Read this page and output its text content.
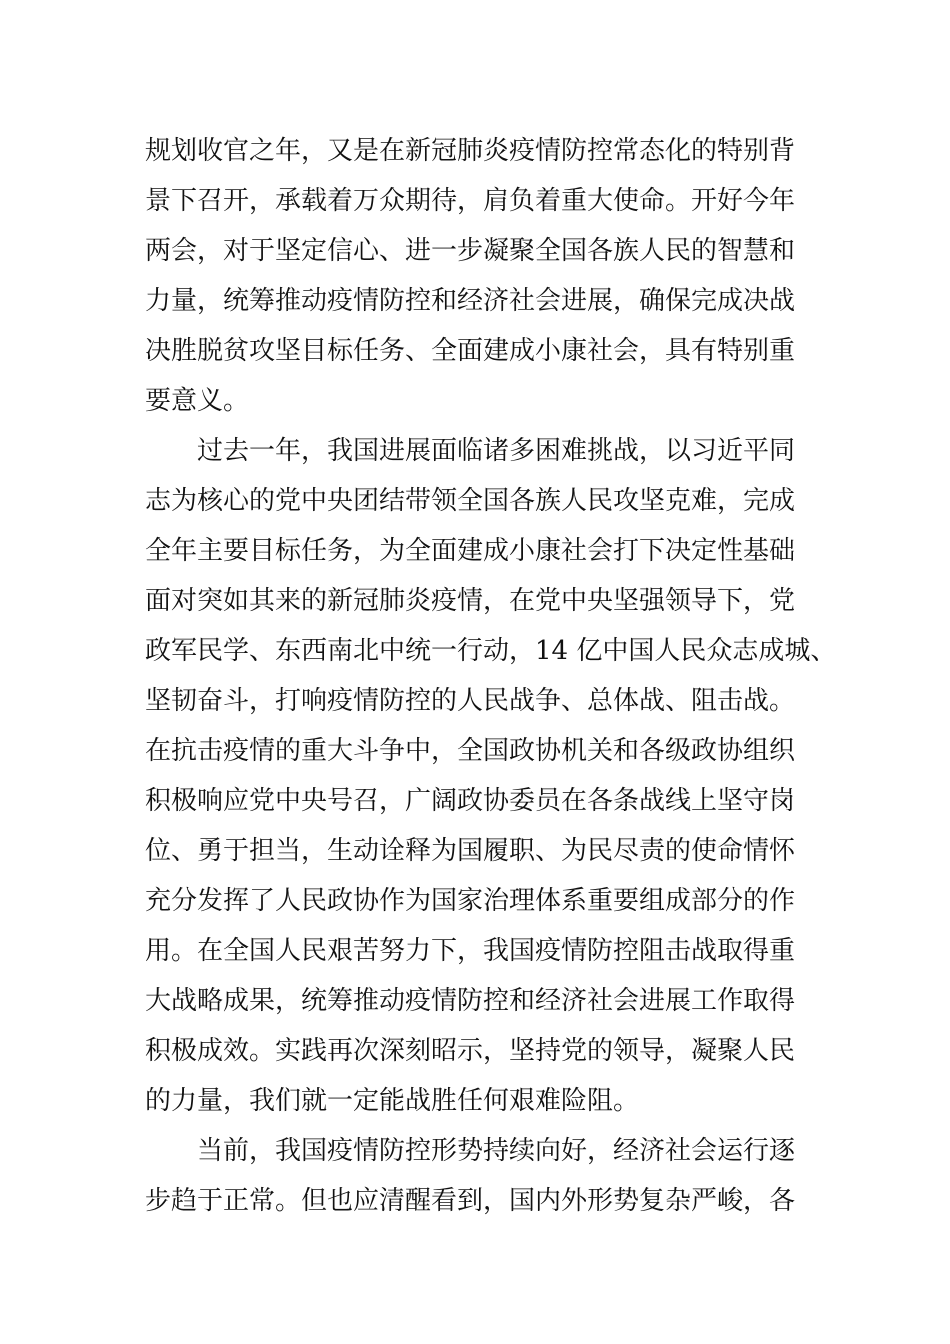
规划收官之年，又是在新冠肺炎疫情防控常态化的特别背
景下召开，承载着万众期待，肩负着重大使命。开好今年
两会，对于坚定信心、进一步凝聚全国各族人民的智慧和
力量，统筹推动疫情防控和经济社会进展，确保完成决战
决胜脱贫攻坚目标任务、全面建成小康社会，具有特别重
要意义。
过去一年，我国进展面临诸多困难挑战，以习近平同
志为核心的党中央团结带领全国各族人民攻坚克难，完成
全年主要目标任务，为全面建成小康社会打下决定性基础
面对突如其来的新冠肺炎疫情，在党中央坚强领导下，党
政军民学、东西南北中统一行动，14 亿中国人民众志成城、
坚韧奋斗，打响疫情防控的人民战争、总体战、阻击战。
在抗击疫情的重大斗争中，全国政协机关和各级政协组织
积极响应党中央号召，广阔政协委员在各条战线上坚守岗
位、勇于担当，生动诠释为国履职、为民尽责的使命情怀
充分发挥了人民政协作为国家治理体系重要组成部分的作
用。在全国人民艰苦努力下，我国疫情防控阻击战取得重
大战略成果，统筹推动疫情防控和经济社会进展工作取得
积极成效。实践再次深刻昭示，坚持党的领导，凝聚人民
的力量，我们就一定能战胜任何艰难险阻。
当前，我国疫情防控形势持续向好，经济社会运行逐
步趋于正常。但也应清醒看到，国内外形势复杂严峻，各
